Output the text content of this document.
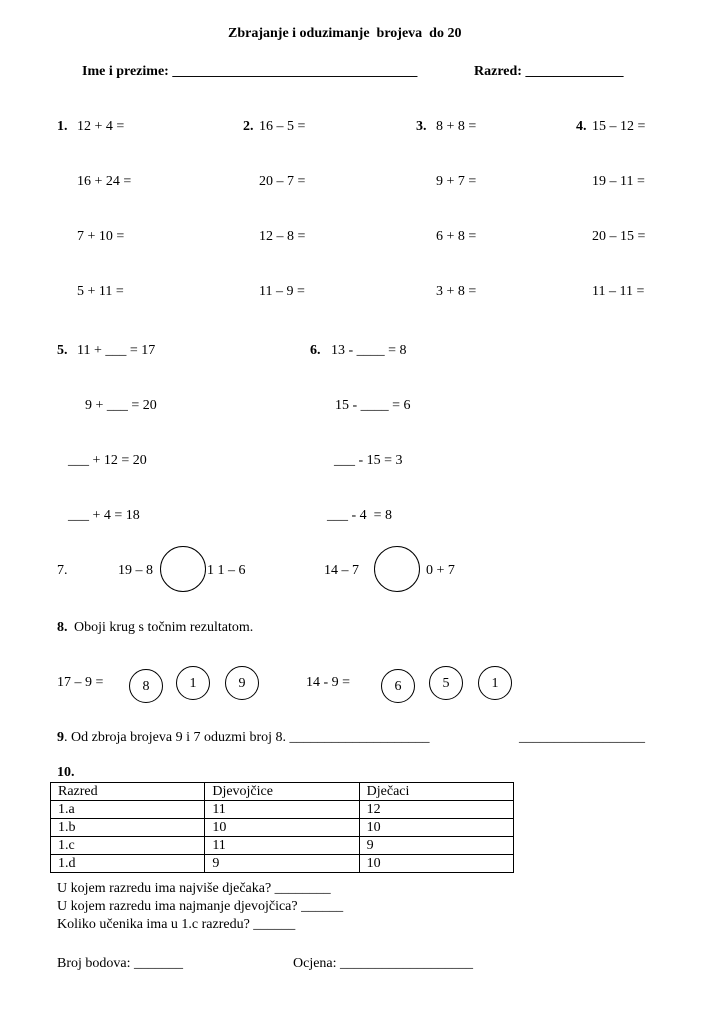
Zbrajanje i oduzimanje  brojeva  do 20
Ime i prezime: ___________________________________	Razred: ______________
1. 12 + 4 =
16 + 24 =
7 + 10 =
5 + 11 =
2. 16 – 5 =
20 – 7 =
12 – 8 =
11 – 9 =
3. 8 + 8 =
9 + 7 =
6 + 8 =
3 + 8 =
4. 15 – 12 =
19 – 11 =
20 – 15 =
11 – 11 =
5. 11 + ___ = 17
9 + ___ = 20
___ + 12 = 20
___ + 4 = 18
6. 13 - ____ = 8
15 - ____ = 6
___ - 15 = 3
___ - 4  = 8
7.	19 – 8	1 1 – 6	14 – 7	0 + 7
8. Oboji krug s točnim rezultatom.
17 – 9 =	8	1	9	14 - 9 =	6	5	1
9 . Od zbroja brojeva 9 i 7 oduzmi broj 8. ____________________	__________________
10.
Razred	Djevojčice	Dječaci
1.a	11	12
1.b	10	10
1.c	11	9
1.d	9	10
U kojem razredu ima najviše dječaka? ________
U kojem razredu ima najmanje djevojčica? ______
Koliko učenika ima u 1.c razredu? ______
Broj bodova: _______	Ocjena: ___________________
